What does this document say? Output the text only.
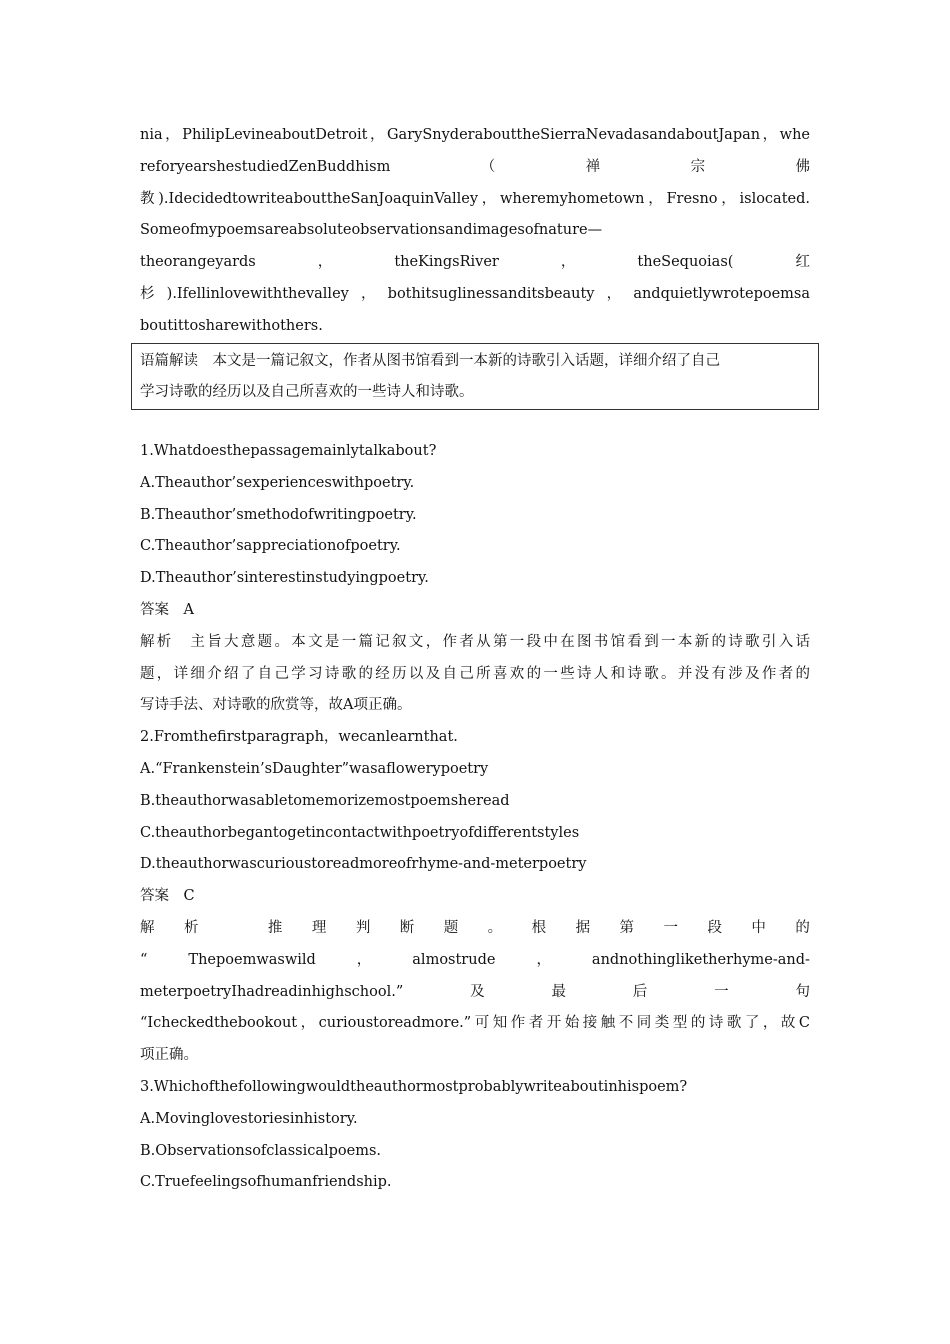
nia，PhilipLevineaboutDetroit，GarySnyderabouttheSierraNevadasandaboutJapan，whe
reforyearshestudiedZenBuddhism	（	禅	宗	佛
教).IdecidedtowriteabouttheSanJoaquinValley，wheremyhometown，Fresno，islocated.
Someofmypoemsareabsoluteobservationsandimagesofnature—
theorangeyards	，	theKingsRiver	，	theSequoias(	红
杉).Ifellinlovewiththevalley，bothitsuglinessanditsbeauty，andquietlywrotepoemsa
boutittosharewithothers.
语篇解读　本文是一篇记叙文，作者从图书馆看到一本新的诗歌引入话题，详细介绍了自己
学习诗歌的经历以及自己所喜欢的一些诗人和诗歌。
1.Whatdoesthepassagemainlytalkabout?
A.Theauthor’sexperienceswithpoetry.
B.Theauthor’smethodofwritingpoetry.
C.Theauthor’sappreciationofpoetry.
D.Theauthor’sinterestinstudyingpoetry.
答案　A
解析　主旨大意题。本文是一篇记叙文，作者从第一段中在图书馆看到一本新的诗歌引入话
题，详细介绍了自己学习诗歌的经历以及自己所喜欢的一些诗人和诗歌。并没有涉及作者的
写诗手法、对诗歌的欣赏等，故A项正确。
2.Fromthefirstparagraph，wecanlearnthat.
A.“Frankenstein’sDaughter”wasaflowerypoetry
B.theauthorwasabletomemorizemostpoemsheread
C.theauthorbegantogetincontactwithpoetryofdifferentstyles
D.theauthorwascurioustoreadmoreofrhyme-and-meterpoetry
答案　C
解 析	推 理 判 断 题 。 根 据 第 一 段 中 的
“	Thepoemwaswild	，	almostrude	，	andnothingliketherhyme-and-
meterpoetryIhadreadinhighschool.”	及	最	后	一	句
“Icheckedthebookout，curioustoreadmore.”可知作者开始接触不同类型的诗歌了，故C
项正确。
3.Whichofthefollowingwouldtheauthormostprobablywriteaboutinhispoem?
A.Movinglovestoriesinhistory.
B.Observationsofclassicalpoems.
C.Truefeelingsofhumanfriendship.
